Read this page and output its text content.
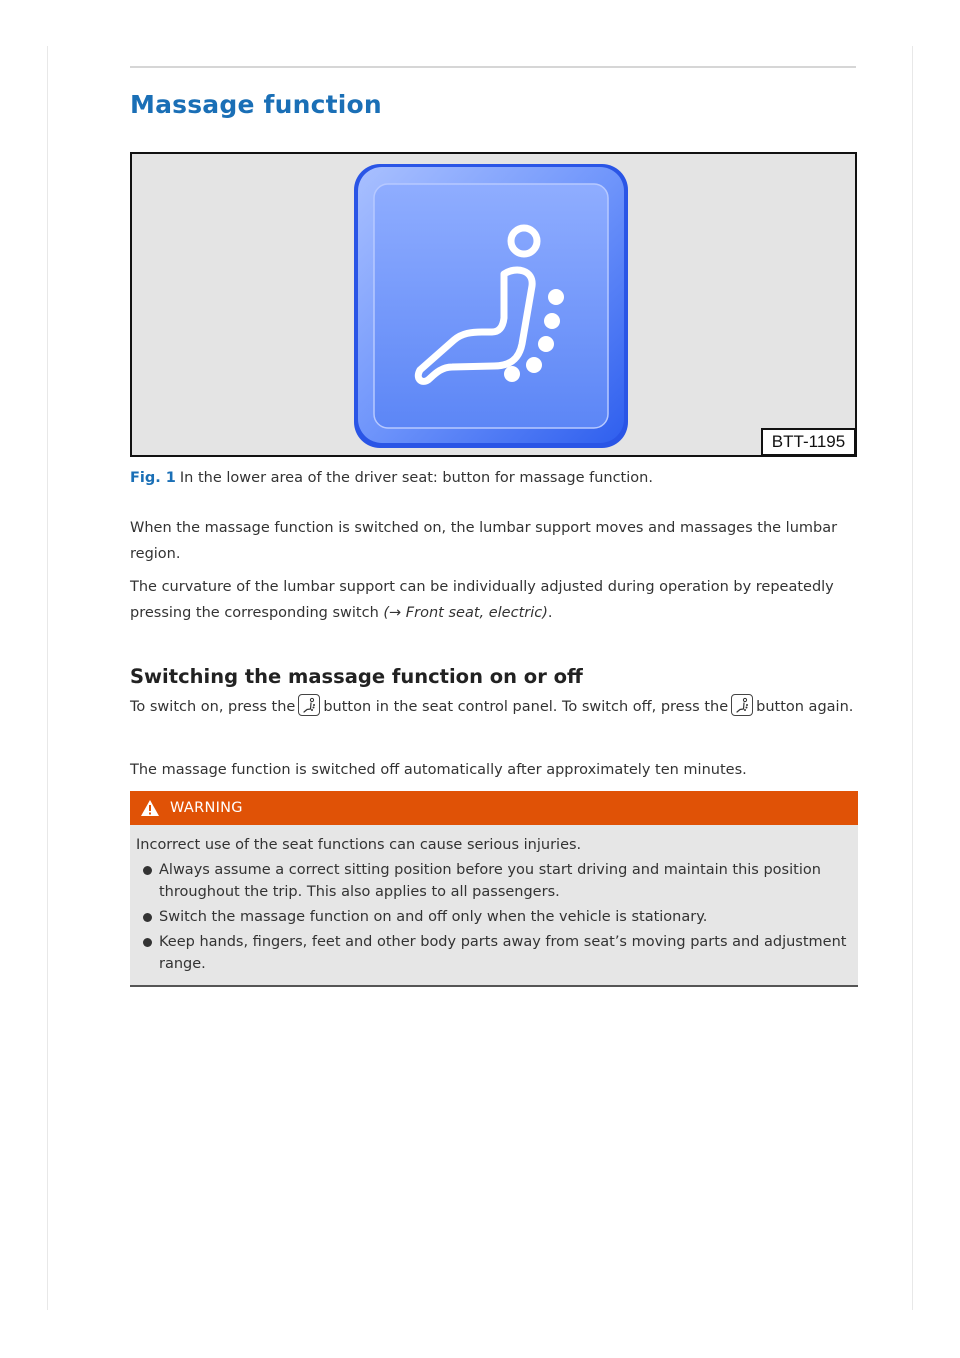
Massage function
BTT-1195
Fig. 1 In the lower area of the driver seat: button for massage function.

When the massage function is switched on, the lumbar support moves and massages the lumbar region.

The curvature of the lumbar support can be individually adjusted during operation by repeatedly pressing the corresponding switch (→ Front seat, electric).

Switching the massage function on or off

To switch on, press the button in the seat control panel. To switch off, press the button again.

The massage function is switched off automatically after approximately ten minutes.

WARNING
Incorrect use of the seat functions can cause serious injuries.
Always assume a correct sitting position before you start driving and maintain this position throughout the trip. This also applies to all passengers.
Switch the massage function on and off only when the vehicle is stationary.
Keep hands, fingers, feet and other body parts away from seat’s moving parts and adjustment range.
